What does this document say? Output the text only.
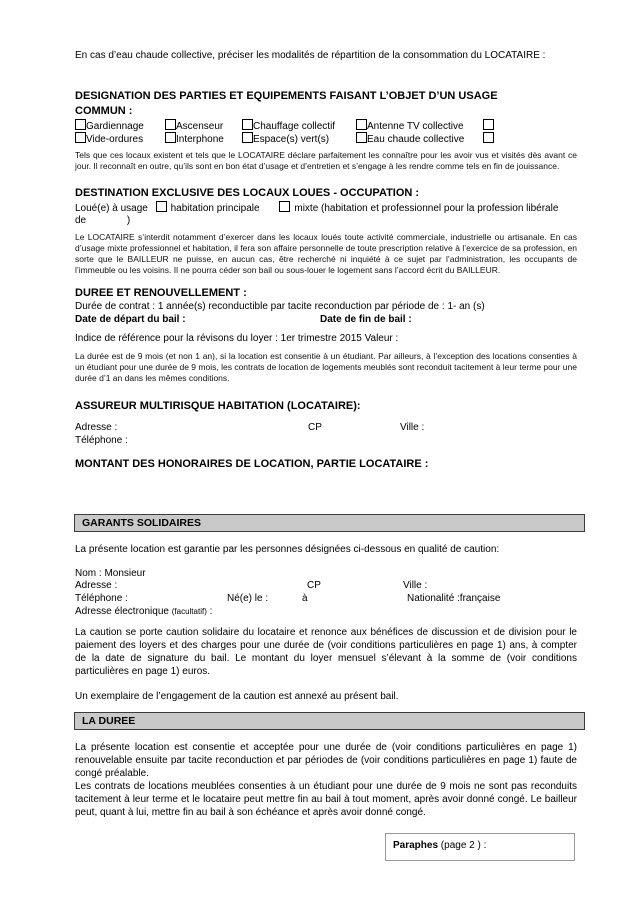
En cas d’eau chaude collective, préciser les modalités de répartition de la consommation du LOCATAIRE :
DESIGNATION DES PARTIES ET EQUIPEMENTS FAISANT L’OBJET D’UN USAGE
COMMUN :
Gardiennage	Ascenseur	Chauffage collectif	Antenne TV collective
Vide-ordures	Interphone	Espace(s) vert(s)	Eau chaude collective
Tels que ces locaux existent et tels que le LOCATAIRE déclare parfaitement les connaître pour les avoir vus et visités dès avant ce jour. Il reconnaît en outre, qu’ils sont en bon état d’usage et d’entretien et s’engage à les rendre comme tels en fin de jouissance.
DESTINATION EXCLUSIVE DES LOCAUX LOUES - OCCUPATION :
Loué(e) à usage habitation principale	mixte (habitation et professionnel pour la profession libérale
de	)
Le LOCATAIRE s’interdit notamment d’exercer dans les locaux loués toute activité commerciale, industrielle ou artisanale. En cas d’usage mixte professionnel et habitation, il fera son affaire personnelle de toute prescription relative à l’exercice de sa profession, en sorte que le BAILLEUR ne puisse, en aucun cas, être recherché ni inquiété à ce sujet par l’administration, les occupants de l’immeuble ou les voisins. Il ne pourra céder son bail ou sous-louer le logement sans l’accord écrit du BAILLEUR.
DUREE ET RENOUVELLEMENT :
Durée de contrat : 1 année(s) reconductible par tacite reconduction par période de : 1- an (s)
Date de départ du bail :	Date de fin de bail :
Indice de référence pour la révisons du loyer : 1er trimestre 2015 Valeur :
La durée est de 9 mois (et non 1 an), si la location est consentie à un étudiant. Par ailleurs, à l’exception des locations consenties à un étudiant pour une durée de 9 mois, les contrats de location de logements meublés sont reconduit tacitement à leur terme pour une durée d’1 an dans les mêmes conditions.
ASSUREUR MULTIRISQUE HABITATION (LOCATAIRE):
Adresse :	CP	Ville :
Téléphone :
MONTANT DES HONORAIRES DE LOCATION, PARTIE LOCATAIRE :
GARANTS SOLIDAIRES
La présente location est garantie par les personnes désignées ci-dessous en qualité de caution:
Nom : Monsieur
Adresse :	CP	Ville :
Téléphone :	Né(e) le :	à	Nationalité :française
Adresse électronique (facultatif) :
La caution se porte caution solidaire du locataire et renonce aux bénéfices de discussion et de division pour le paiement des loyers et des charges pour une durée de (voir conditions particulières en page 1) ans, à compter de la date de signature du bail. Le montant du loyer mensuel s’élevant à la somme de (voir conditions particulières en page 1) euros.
Un exemplaire de l’engagement de la caution est annexé au présent bail.
LA DUREE

La présente location est consentie et acceptée pour une durée de (voir conditions particulières en page 1) renouvelable ensuite par tacite reconduction et par périodes de (voir conditions particulières en page 1) faute de congé préalable.

Les contrats de locations meublées consenties à un étudiant pour une durée de 9 mois ne sont pas reconduits tacitement à leur terme et le locataire peut mettre fin au bail à tout moment, après avoir donné congé. Le bailleur peut, quant à lui, mettre fin au bail à son échéance et après avoir donné congé.

Paraphes (page 2 ) :
